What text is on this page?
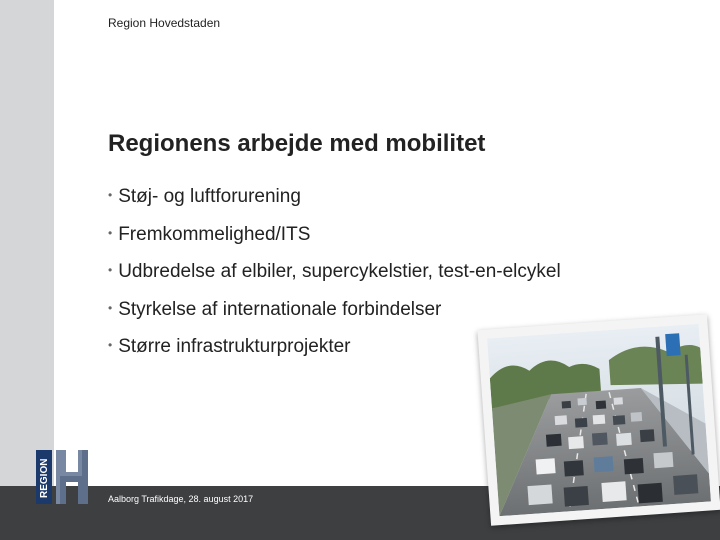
Region Hovedstaden
Regionens arbejde med mobilitet
• Støj- og luftforurening
• Fremkommelighed/ITS
• Udbredelse af elbiler, supercykelstier, test-en-elcykel
• Styrkelse af internationale forbindelser
• Større infrastrukturprojekter
Aalborg Trafikdage, 28. august 2017
REGION
